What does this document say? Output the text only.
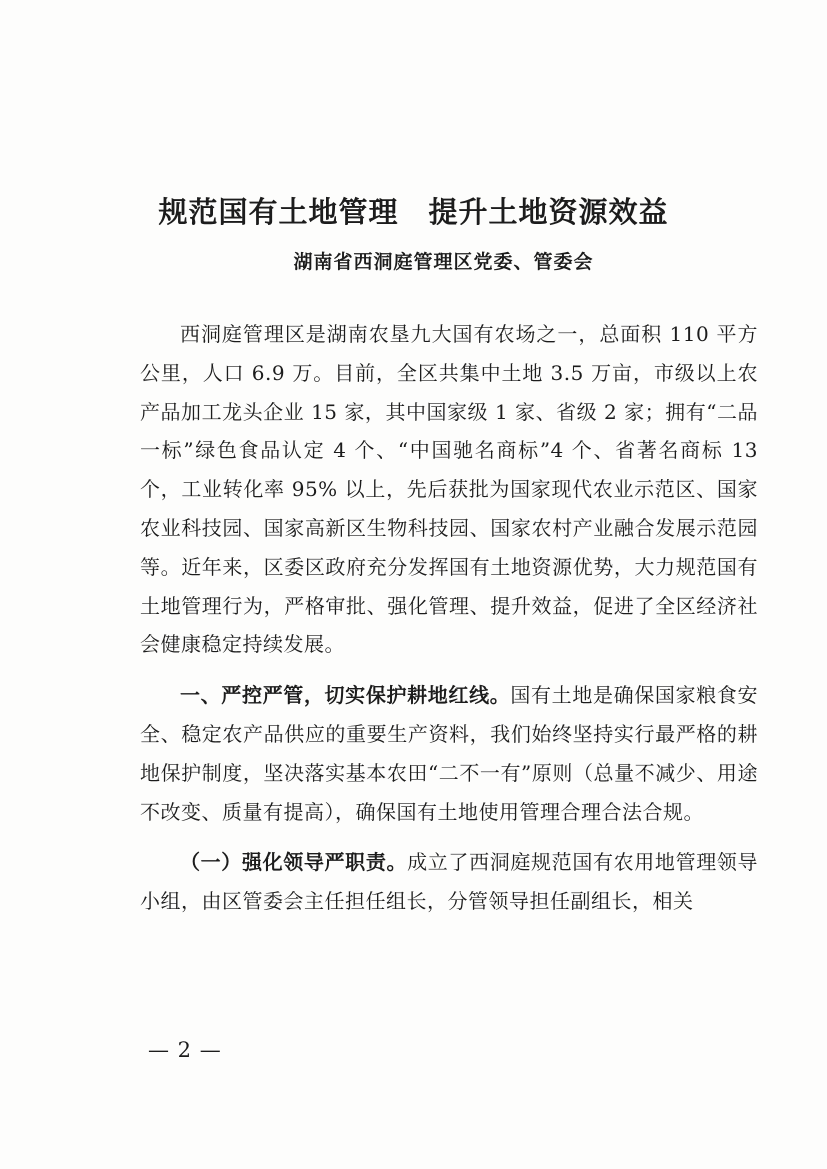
规范国有土地管理　提升土地资源效益
湖南省西洞庭管理区党委、管委会

西洞庭管理区是湖南农垦九大国有农场之一，总面积 110 平方公里，人口 6.9 万。目前，全区共集中土地 3.5 万亩，市级以上农产品加工龙头企业 15 家，其中国家级 1 家、省级 2 家；拥有“二品一标”绿色食品认定 4 个、“中国驰名商标”4 个、省著名商标 13 个，工业转化率 95% 以上，先后获批为国家现代农业示范区、国家农业科技园、国家高新区生物科技园、国家农村产业融合发展示范园等。近年来，区委区政府充分发挥国有土地资源优势，大力规范国有土地管理行为，严格审批、强化管理、提升效益，促进了全区经济社会健康稳定持续发展。

一、严控严管，切实保护耕地红线。国有土地是确保国家粮食安全、稳定农产品供应的重要生产资料，我们始终坚持实行最严格的耕地保护制度，坚决落实基本农田“二不一有”原则（总量不减少、用途不改变、质量有提高），确保国有土地使用管理合理合法合规。

（一）强化领导严职责。成立了西洞庭规范国有农用地管理领导小组，由区管委会主任担任组长，分管领导担任副组长，相关

— 2 —
